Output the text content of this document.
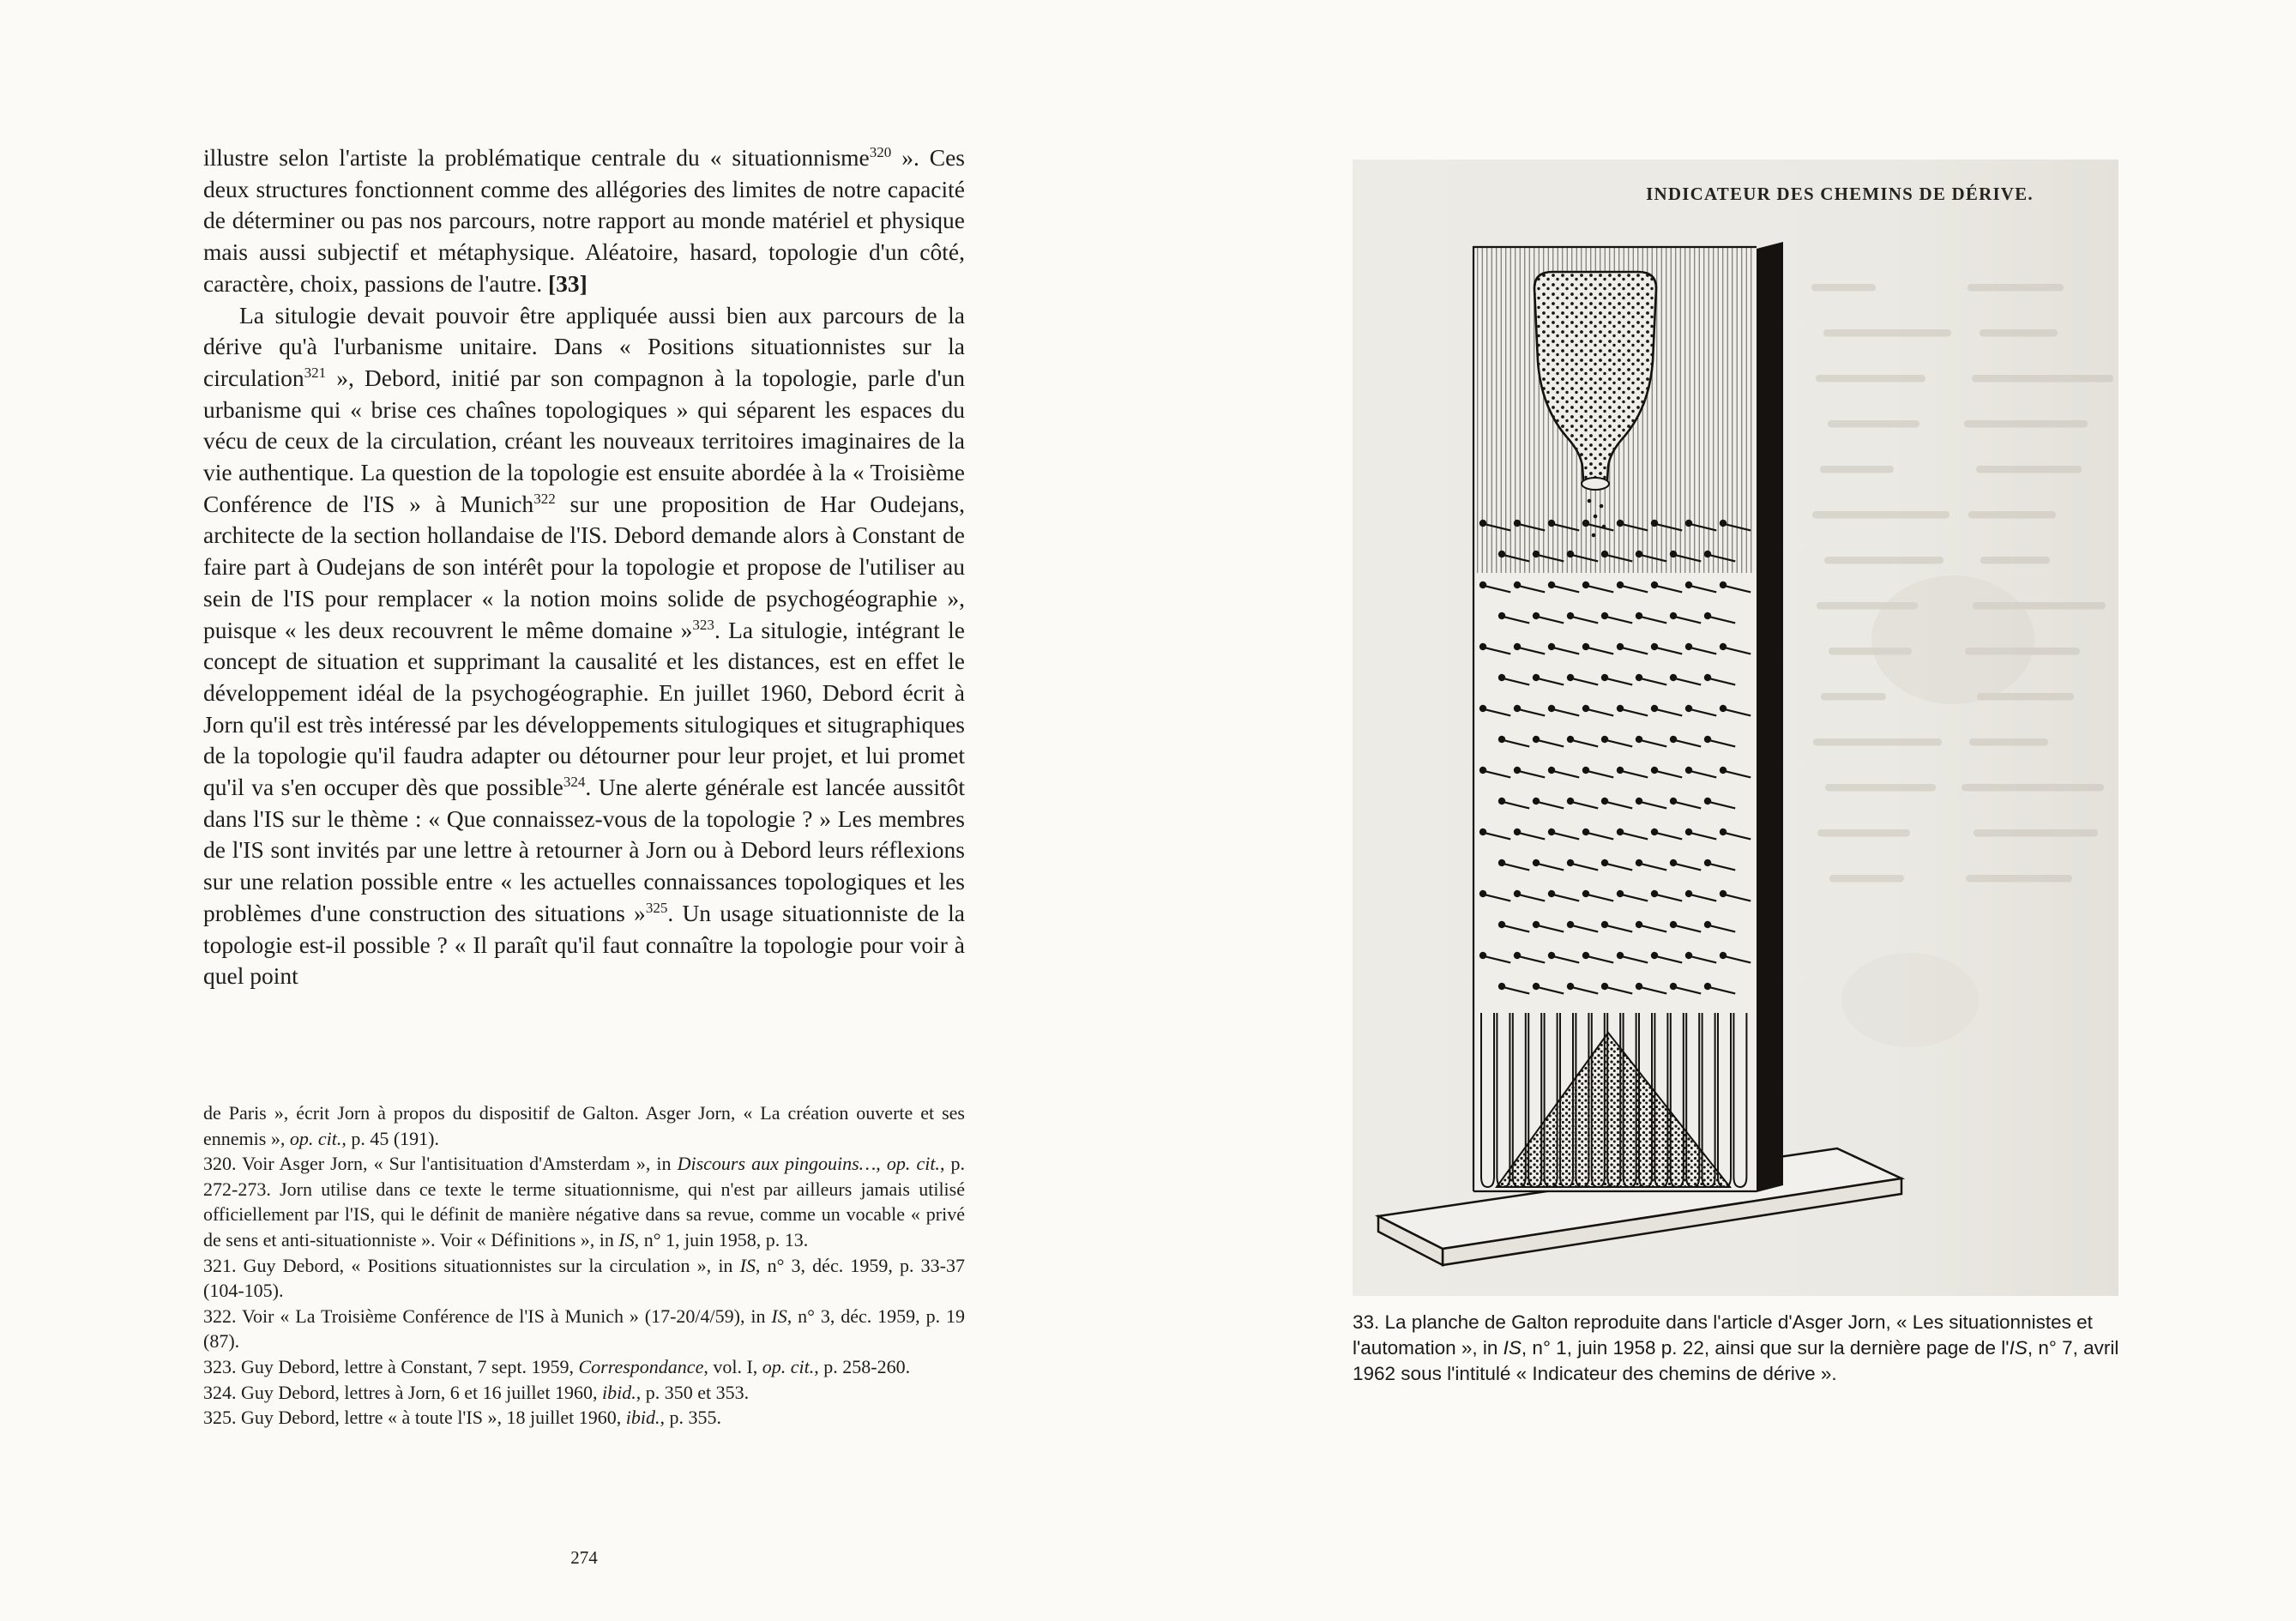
illustre selon l'artiste la problématique centrale du « situationnisme$^{320}$ ». Ces deux structures fonctionnent comme des allégories des limites de notre capacité de déterminer ou pas nos parcours, notre rapport au monde matériel et physique mais aussi subjectif et métaphysique. Aléatoire, hasard, topologie d'un côté, caractère, choix, passions de l'autre. [33]
La situlogie devait pouvoir être appliquée aussi bien aux parcours de la dérive qu'à l'urbanisme unitaire. Dans « Positions situationnistes sur la circulation$^{321}$ », Debord, initié par son compagnon à la topologie, parle d'un urbanisme qui « brise ces chaînes topologiques » qui séparent les espaces du vécu de ceux de la circulation, créant les nouveaux territoires imaginaires de la vie authentique. La question de la topologie est ensuite abordée à la « Troisième Conférence de l'IS » à Munich$^{322}$ sur une proposition de Har Oudejans, architecte de la section hollandaise de l'IS. Debord demande alors à Constant de faire part à Oudejans de son intérêt pour la topologie et propose de l'utiliser au sein de l'IS pour remplacer « la notion moins solide de psychogéographie », puisque « les deux recouvrent le même domaine »$^{323}$. La situlogie, intégrant le concept de situation et supprimant la causalité et les distances, est en effet le développement idéal de la psychogéographie. En juillet 1960, Debord écrit à Jorn qu'il est très intéressé par les développements situlogiques et situgraphiques de la topologie qu'il faudra adapter ou détourner pour leur projet, et lui promet qu'il va s'en occuper dès que possible$^{324}$. Une alerte générale est lancée aussitôt dans l'IS sur le thème : « Que connaissez-vous de la topologie ? » Les membres de l'IS sont invités par une lettre à retourner à Jorn ou à Debord leurs réflexions sur une relation possible entre « les actuelles connaissances topologiques et les problèmes d'une construction des situations »$^{325}$. Un usage situationniste de la topologie est-il possible ? « Il paraît qu'il faut connaître la topologie pour voir à quel point
de Paris », écrit Jorn à propos du dispositif de Galton. Asger Jorn, « La création ouverte et ses ennemis », op. cit., p. 45 (191).
320. Voir Asger Jorn, « Sur l'antisituation d'Amsterdam », in Discours aux pingouins…, op. cit., p. 272-273. Jorn utilise dans ce texte le terme situationnisme, qui n'est par ailleurs jamais utilisé officiellement par l'IS, qui le définit de manière négative dans sa revue, comme un vocable « privé de sens et anti-situationniste ». Voir « Définitions », in IS, n° 1, juin 1958, p. 13.
321. Guy Debord, « Positions situationnistes sur la circulation », in IS, n° 3, déc. 1959, p. 33-37 (104-105).
322. Voir « La Troisième Conférence de l'IS à Munich » (17-20/4/59), in IS, n° 3, déc. 1959, p. 19 (87).
323. Guy Debord, lettre à Constant, 7 sept. 1959, Correspondance, vol. I, op. cit., p. 258-260.
324. Guy Debord, lettres à Jorn, 6 et 16 juillet 1960, ibid., p. 350 et 353.
325. Guy Debord, lettre « à toute l'IS », 18 juillet 1960, ibid., p. 355.
274
INDICATEUR DES CHEMINS DE DÉRIVE.
33. La planche de Galton reproduite dans l'article d'Asger Jorn, « Les situationnistes et l'automation », in IS, n° 1, juin 1958 p. 22, ainsi que sur la dernière page de l'IS, n° 7, avril 1962 sous l'intitulé « Indicateur des chemins de dérive ».
